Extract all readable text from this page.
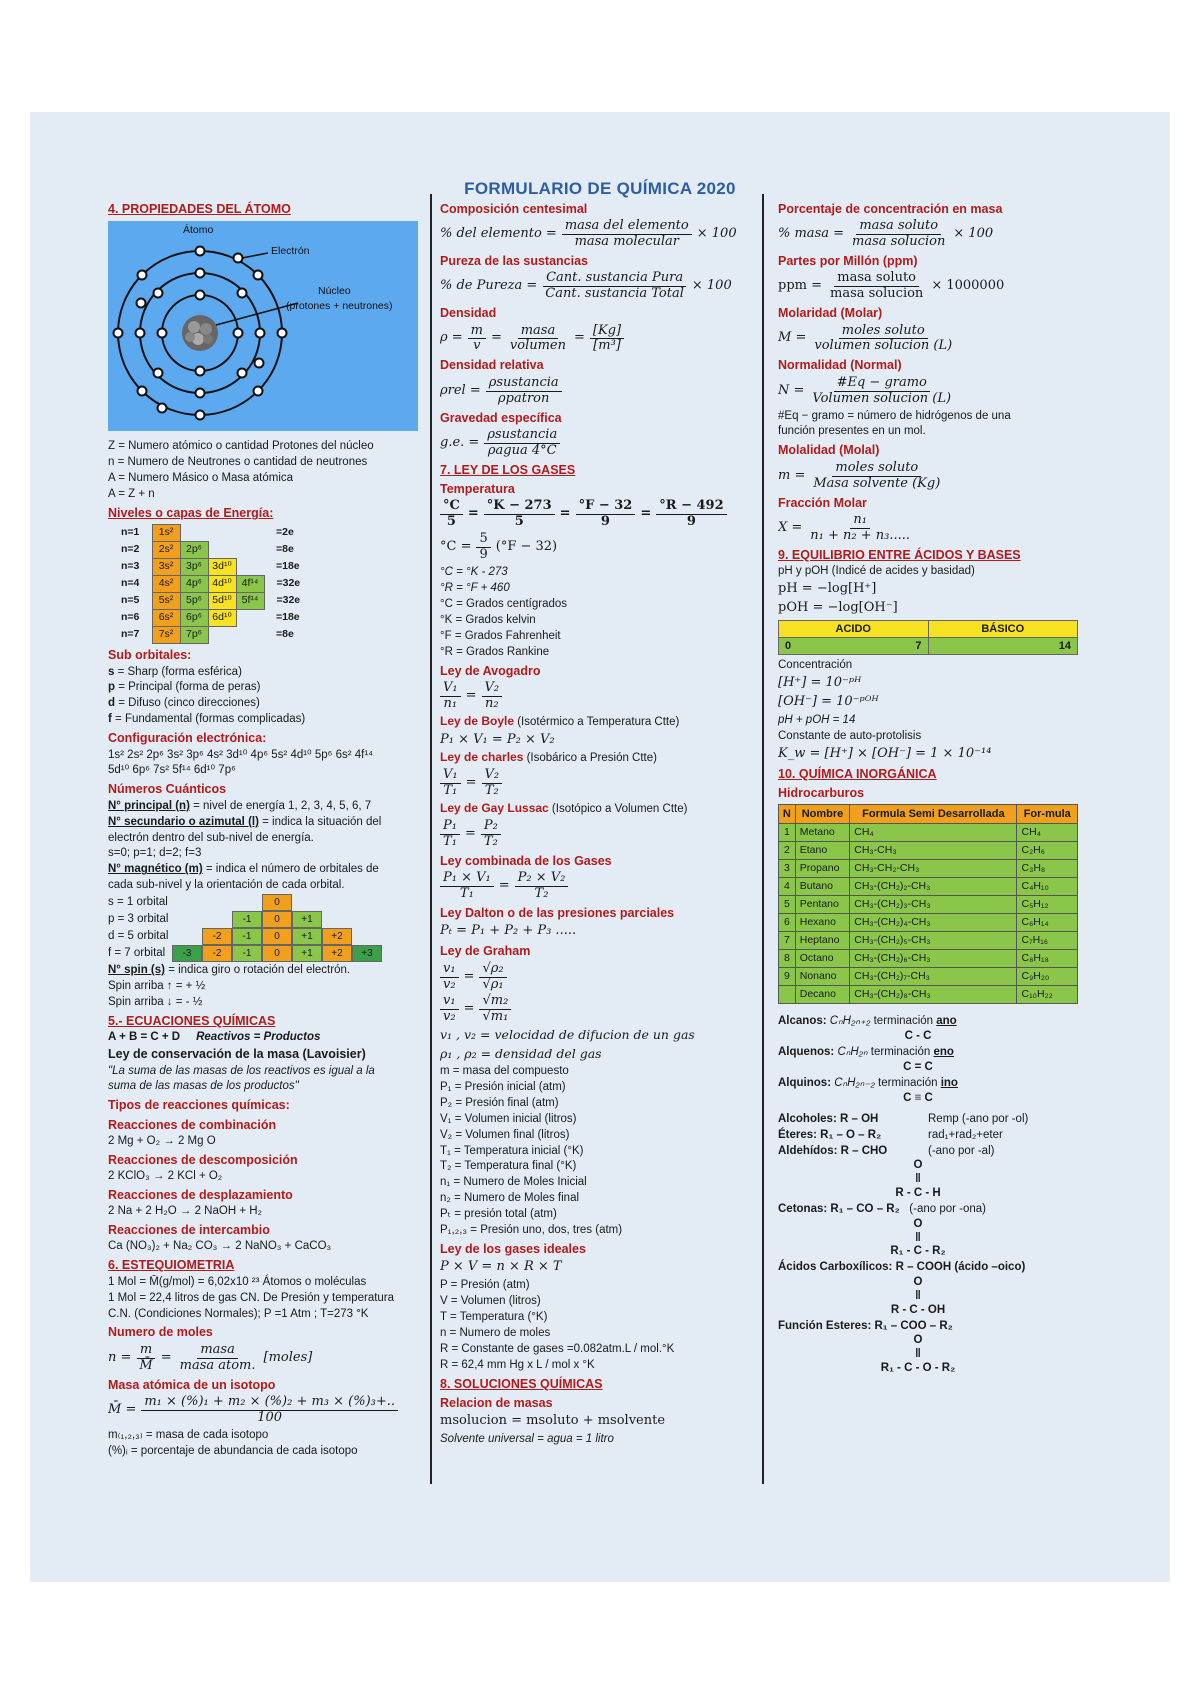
FORMULARIO DE QUÍMICA 2020
4. PROPIEDADES DEL ÁTOMO
Átomo
Electrón
Núcleo
(protones + neutrones)
Z = Numero atómico o cantidad Protones del núcleo
n = Numero de Neutrones o cantidad de neutrones
A = Numero Másico o Masa atómica
A = Z + n
Niveles o capas de Energía:
n=1	1s²				=2e
n=2	2s²	2p⁶			=8e
n=3	3s²	3p⁶	3d¹⁰		=18e
n=4	4s²	4p⁶	4d¹⁰	4f¹⁴	=32e
n=5	5s²	5p⁶	5d¹⁰	5f¹⁴	=32e
n=6	6s²	6p⁶	6d¹⁰		=18e
n=7	7s²	7p⁶			=8e
Sub orbitales:
s = Sharp (forma esférica)
p = Principal (forma de peras)
d = Difuso (cinco direcciones)
f = Fundamental (formas complicadas)
Configuración electrónica:
1s² 2s² 2p⁶ 3s² 3p⁶ 4s² 3d¹⁰ 4p⁶ 5s² 4d¹⁰ 5p⁶ 6s² 4f¹⁴
5d¹⁰ 6p⁶ 7s² 5f¹⁴ 6d¹⁰ 7p⁶
Números Cuánticos
N° principal (n) = nivel de energía 1, 2, 3, 4, 5, 6, 7
N° secundario o azimutal (l) = indica la situación del
electrón dentro del sub-nivel de energía.
s=0; p=1; d=2; f=3
N° magnético (m) = indica el número de orbitales de
cada sub-nivel y la orientación de cada orbital.
s = 1 orbital	0
p = 3 orbital	-1	0	+1
d = 5 orbital	-2	-1	0	+1	+2
f = 7 orbital	-3	-2	-1	0	+1	+2	+3
N° spin (s) = indica giro o rotación del electrón.
Spin arriba ↑ = + ½
Spin arriba ↓ = - ½
5.- ECUACIONES QUÍMICAS
A + B = C + D Reactivos = Productos
Ley de conservación de la masa (Lavoisier)
"La suma de las masas de los reactivos es igual a la
suma de las masas de los productos"
Tipos de reacciones químicas:
Reacciones de combinación
2 Mg + O₂ → 2 Mg O
Reacciones de descomposición
2 KClO₃ → 2 KCl + O₂
Reacciones de desplazamiento
2 Na + 2 H₂O → 2 NaOH + H₂
Reacciones de intercambio
Ca (NO₃)₂ + Na₂ CO₃ → 2 NaNO₃ + CaCO₃
6. ESTEQUIOMETRIA
1 Mol = M̄(g/mol) = 6,02x10 ²³ Átomos o moléculas
1 Mol = 22,4 litros de gas CN. De Presión y temperatura
C.N. (Condiciones Normales); P =1 Atm ; T=273 °K
Numero de moles
n =
m
M̄
=
masa
masa atom.
[moles]
Masa atómica de un isotopo
M̄ = $\frac{\text{m₁ × (\%)₁ + m₂ × (\%)₂ + m₃ × (\%)₃+..}}{100}$
m₍₁,₂,₃₎ = masa de cada isotopo
(%)ᵢ = porcentaje de abundancia de cada isotopo
Composición centesimal
% del elemento =
masa del elemento
masa molecular
× 100
Pureza de las sustancias
% de Pureza =
Cant. sustancia Pura
Cant. sustancia Total
× 100
Densidad
$\rho = \frac{m}{v}$ =
masa
volumen
= $\frac{[Kg]}{\text{[m³]}}$
Densidad relativa
ρrel =
ρsustancia
ρpatron
Gravedad específica
g.e. =
ρsustancia
ρagua 4°C
7. LEY DE LOS GASES
Temperatura
$\frac{^\circ C}{5} = \frac{^\circ K - 273}{5} = \frac{^\circ F - 32}{9} = \frac{^\circ R - 492}{9}$
$^\circ C = \frac{5}{9} (^\circ F - 32)$
°C = °K - 273
°R = °F + 460
°C = Grados centígrados
°K = Grados kelvin
°F = Grados Fahrenheit
°R = Grados Rankine
Ley de Avogadro
$\frac{\text{V₁}}{\text{n₁}} = \frac{\text{V₂}}{\text{n₂}}$
Ley de Boyle (Isotérmico a Temperatura Ctte)
P₁ × V₁ = P₂ × V₂
Ley de charles (Isobárico a Presión Ctte)
$\frac{\text{V₁}}{\text{T₁}} = \frac{\text{V₂}}{\text{T₂}}$
Ley de Gay Lussac (Isotópico a Volumen Ctte)
$\frac{\text{P₁}}{\text{T₁}} = \frac{\text{P₂}}{\text{T₂}}$
Ley combinada de los Gases
$\frac{\text{P₁ × V₁}}{\text{T₁}} = \frac{\text{P₂ × V₂}}{\text{T₂}}$
Ley Dalton o de las presiones parciales
Pₜ = P₁ + P₂ + P₃ .....
Ley de Graham
$\frac{\text{v₁}}{\text{v₂}} = \frac{\text{√ρ₂}}{\text{√ρ₁}}$
$\frac{\text{v₁}}{\text{v₂}} = \frac{\text{√m₂}}{\text{√m₁}}$
v₁ , v₂ = velocidad de difucion de un gas
ρ₁ , ρ₂ = densidad del gas
m = masa del compuesto
P₁ = Presión inicial (atm)
P₂ = Presión final (atm)
V₁ = Volumen inicial (litros)
V₂ = Volumen final (litros)
T₁ = Temperatura inicial (°K)
T₂ = Temperatura final (°K)
n₁ = Numero de Moles Inicial
n₂ = Numero de Moles final
Pₜ = presión total (atm)
P₁,₂,₃ = Presión uno, dos, tres (atm)
Ley de los gases ideales
P × V = n × R × T
P = Presión (atm)
V = Volumen (litros)
T = Temperatura (°K)
n = Numero de moles
R = Constante de gases =0.082atm.L / mol.°K
R = 62,4 mm Hg x L / mol x °K
8. SOLUCIONES QUÍMICAS
Relacion de masas
msolucion = msoluto + msolvente
Solvente universal = agua = 1 litro
Porcentaje de concentración en masa
% masa =
masa soluto
masa solucion
× 100
Partes por Millón (ppm)
ppm =
masa soluto
masa solucion
× 1000000
Molaridad (Molar)
M =
moles soluto
volumen solucion (L)
Normalidad (Normal)
N =
#Eq − gramo
Volumen solucion (L)
#Eq − gramo = número de hidrógenos de una
función presentes en un mol.
Molalidad (Molal)
m =
moles soluto
Masa solvente (Kg)
Fracción Molar
$X = \frac{\text{n₁}}{\text{n₁ + n₂ + n₃.....}}$
9. EQUILIBRIO ENTRE ÁCIDOS Y BASES
pH y pOH (Indicé de acides y basidad)
pH = −log[H⁺]
pOH = −log[OH⁻]
ACIDO	BÁSICO
0 7	14
Concentración
[H⁺] = 10⁻ᵖᴴ
[OH⁻] = 10⁻ᵖᴼᴴ
pH + pOH = 14
Constante de auto-protolisis
K_w = [H⁺] × [OH⁻] = 1 × 10⁻¹⁴
10. QUÍMICA INORGÁNICA
Hidrocarburos
N	Nombre	Formula Semi Desarrollada	For-mula
1	Metano	CH₄	CH₄
2	Etano	CH₃-CH₃	C₂H₆
3	Propano	CH₃-CH₂-CH₃	C₃H₈
4	Butano	CH₃-(CH₂)₂-CH₃	C₄H₁₀
5	Pentano	CH₃-(CH₂)₃-CH₃	C₅H₁₂
6	Hexano	CH₃-(CH₂)₄-CH₃	C₆H₁₄
7	Heptano	CH₃-(CH₂)₅-CH₃	C₇H₁₆
8	Octano	CH₃-(CH₂)₆-CH₃	C₈H₁₈
9	Nonano	CH₃-(CH₂)₇-CH₃	C₉H₂₀
	Decano	CH₃-(CH₂)₈-CH₃	C₁₀H₂₂
Alcanos: CₙH₂ₙ₊₂ terminación ano
C - C
Alquenos: CₙH₂ₙ terminación eno
C = C
Alquinos: CₙH₂ₙ₋₂ terminación ino
C ≡ C
Alcoholes: R – OH	Remp (-ano por -ol)
Éteres: R₁ – O – R₂	rad₁+rad₂+eter
Aldehídos: R – CHO	(-ano por -al)
O
‖
R - C - H
Cetonas: R₁ – CO – R₂ (-ano por -ona)
O
‖
R₁ - C - R₂
Ácidos Carboxílicos: R – COOH (ácido –oico)
O
‖
R - C - OH
Función Esteres: R₁ – COO – R₂
O
‖
R₁ - C - O - R₂
